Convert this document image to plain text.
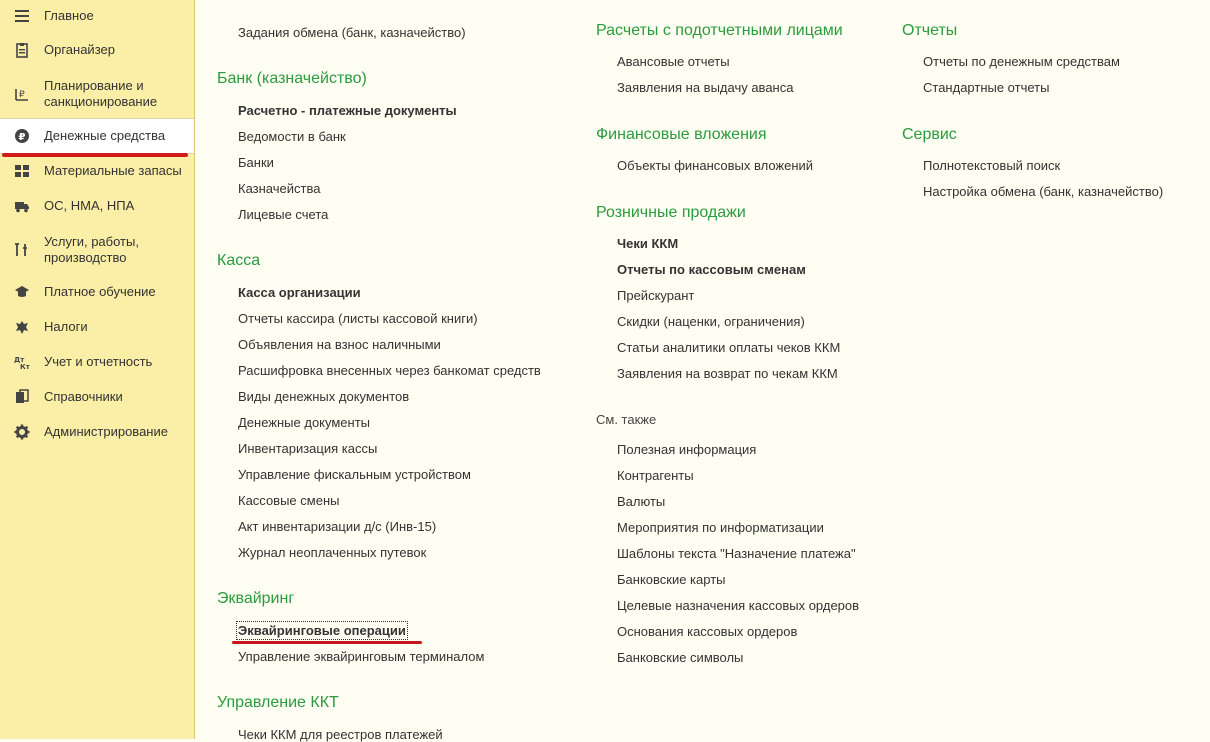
Главное
Органайзер
₽
Планирование и санкционирование
₽ Денежные средства
Материальные запасы
ОС, НМА, НПА
Услуги, работы, производство
Платное обучение
Налоги
Дт
Кт Учет и отчетность
Справочники
Администрирование
Задания обмена (банк, казначейство)
Банк (казначейство)
Расчетно - платежные документы
Ведомости в банк
Банки
Казначейства
Лицевые счета
Касса
Касса организации
Отчеты кассира (листы кассовой книги)
Объявления на взнос наличными
Расшифровка внесенных через банкомат средств
Виды денежных документов
Денежные документы
Инвентаризация кассы
Управление фискальным устройством
Кассовые смены
Акт инвентаризации д/с (Инв-15)
Журнал неоплаченных путевок
Эквайринг
Эквайринговые операции
Управление эквайринговым терминалом
Управление ККТ
Чеки ККМ для реестров платежей
Расчеты с подотчетными лицами
Авансовые отчеты
Заявления на выдачу аванса
Финансовые вложения
Объекты финансовых вложений
Розничные продажи
Чеки ККМ
Отчеты по кассовым сменам
Прейскурант
Скидки (наценки, ограничения)
Статьи аналитики оплаты чеков ККМ
Заявления на возврат по чекам ККМ
См. также
Полезная информация
Контрагенты
Валюты
Мероприятия по информатизации
Шаблоны текста "Назначение платежа"
Банковские карты
Целевые назначения кассовых ордеров
Основания кассовых ордеров
Банковские символы
Отчеты
Отчеты по денежным средствам
Стандартные отчеты
Сервис
Полнотекстовый поиск
Настройка обмена (банк, казначейство)
